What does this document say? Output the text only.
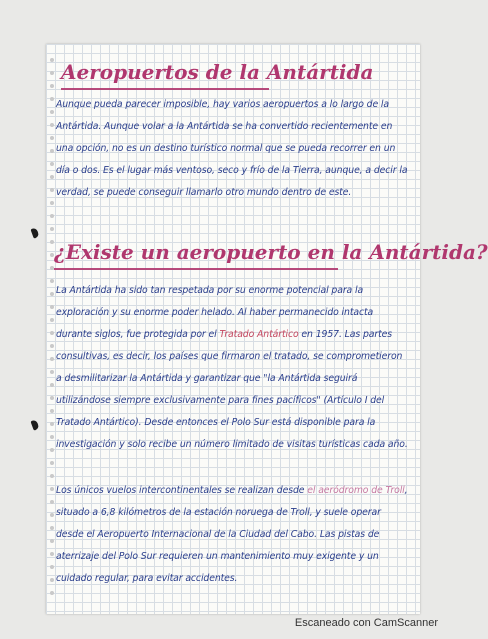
Aeropuertos de la Antártida

Aunque pueda parecer imposible, hay varios aeropuertos a lo largo de la Antártida. Aunque volar a la Antártida se ha convertido recientemente en una opción, no es un destino turístico normal que se pueda recorrer en un día o dos. Es el lugar más ventoso, seco y frío de la Tierra, aunque, a decir la verdad, se puede conseguir llamarlo otro mundo dentro de este.

¿Existe un aeropuerto en la Antártida?

La Antártida ha sido tan respetada por su enorme potencial para la exploración y su enorme poder helado. Al haber permanecido intacta durante siglos, fue protegida por el Tratado Antártico en 1957. Las partes consultivas, es decir, los países que firmaron el tratado, se comprometieron a desmilitarizar la Antártida y garantizar que "la Antártida seguirá utilizándose siempre exclusivamente para fines pacíficos" (Artículo I del Tratado Antártico). Desde entonces el Polo Sur está disponible para la investigación y solo recibe un número limitado de visitas turísticas cada año.

Los únicos vuelos intercontinentales se realizan desde el aeródromo de Troll, situado a 6,8 kilómetros de la estación noruega de Troll, y suele operar desde el Aeropuerto Internacional de la Ciudad del Cabo. Las pistas de aterrizaje del Polo Sur requieren un mantenimiento muy exigente y un cuidado regular, para evitar accidentes.

Escaneado con CamScanner
